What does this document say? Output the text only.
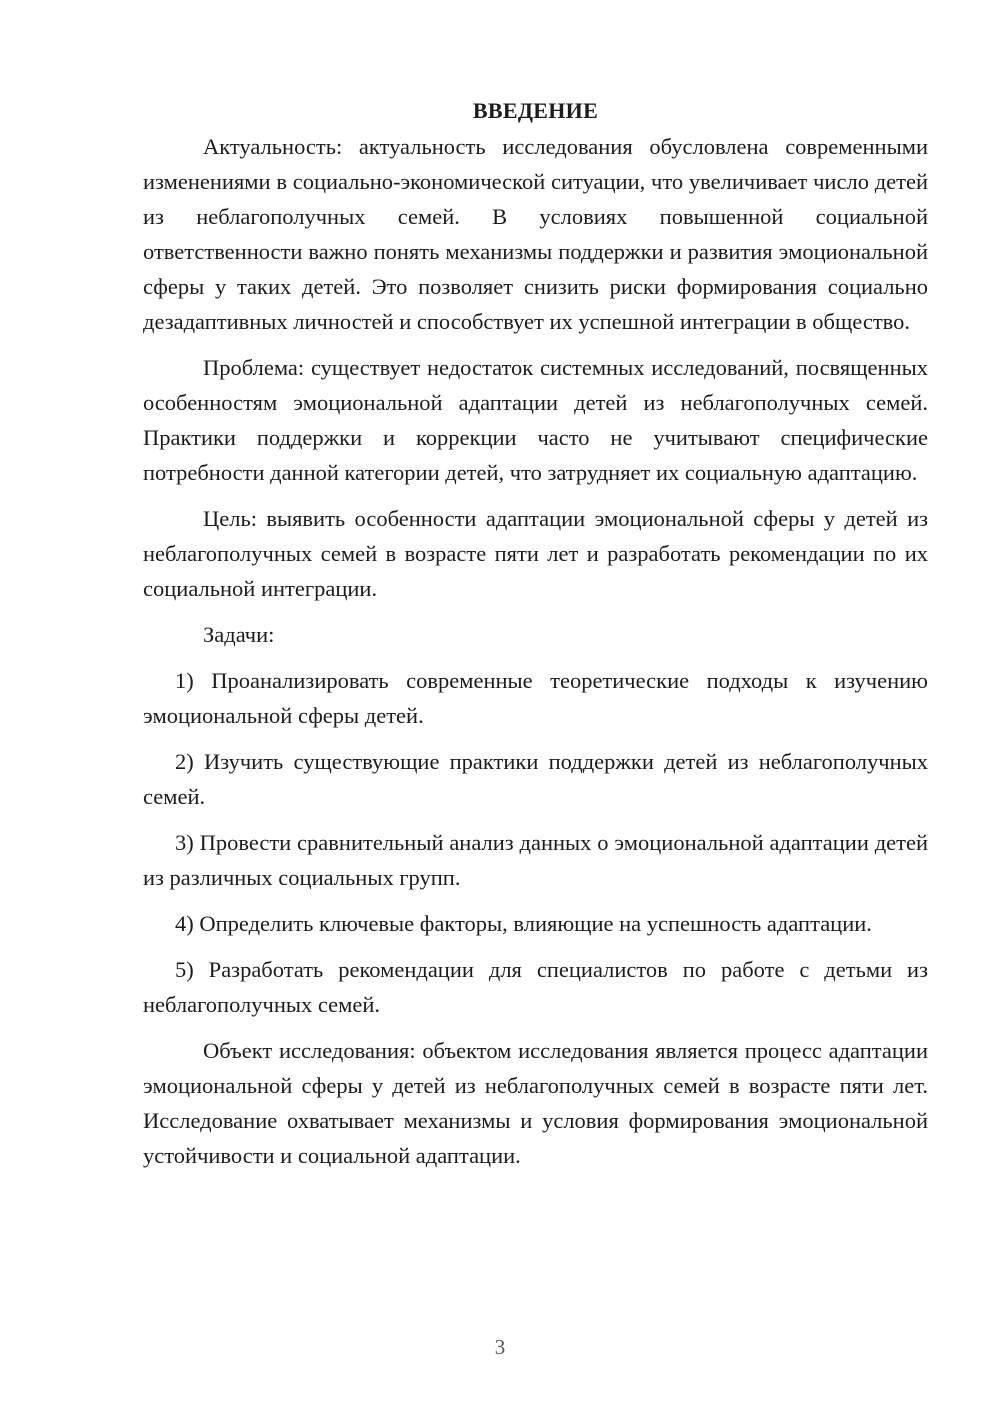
ВВЕДЕНИЕ

Актуальность: актуальность исследования обусловлена современными изменениями в социально-экономической ситуации, что увеличивает число детей из неблагополучных семей. В условиях повышенной социальной ответственности важно понять механизмы поддержки и развития эмоциональной сферы у таких детей. Это позволяет снизить риски формирования социально дезадаптивных личностей и способствует их успешной интеграции в общество.

Проблема: существует недостаток системных исследований, посвященных особенностям эмоциональной адаптации детей из неблагополучных семей. Практики поддержки и коррекции часто не учитывают специфические потребности данной категории детей, что затрудняет их социальную адаптацию.

Цель: выявить особенности адаптации эмоциональной сферы у детей из неблагополучных семей в возрасте пяти лет и разработать рекомендации по их социальной интеграции.

Задачи:

1) Проанализировать современные теоретические подходы к изучению эмоциональной сферы детей.

2) Изучить существующие практики поддержки детей из неблагополучных семей.

3) Провести сравнительный анализ данных о эмоциональной адаптации детей из различных социальных групп.

4) Определить ключевые факторы, влияющие на успешность адаптации.

5) Разработать рекомендации для специалистов по работе с детьми из неблагополучных семей.

Объект исследования: объектом исследования является процесс адаптации эмоциональной сферы у детей из неблагополучных семей в возрасте пяти лет. Исследование охватывает механизмы и условия формирования эмоциональной устойчивости и социальной адаптации.

3
